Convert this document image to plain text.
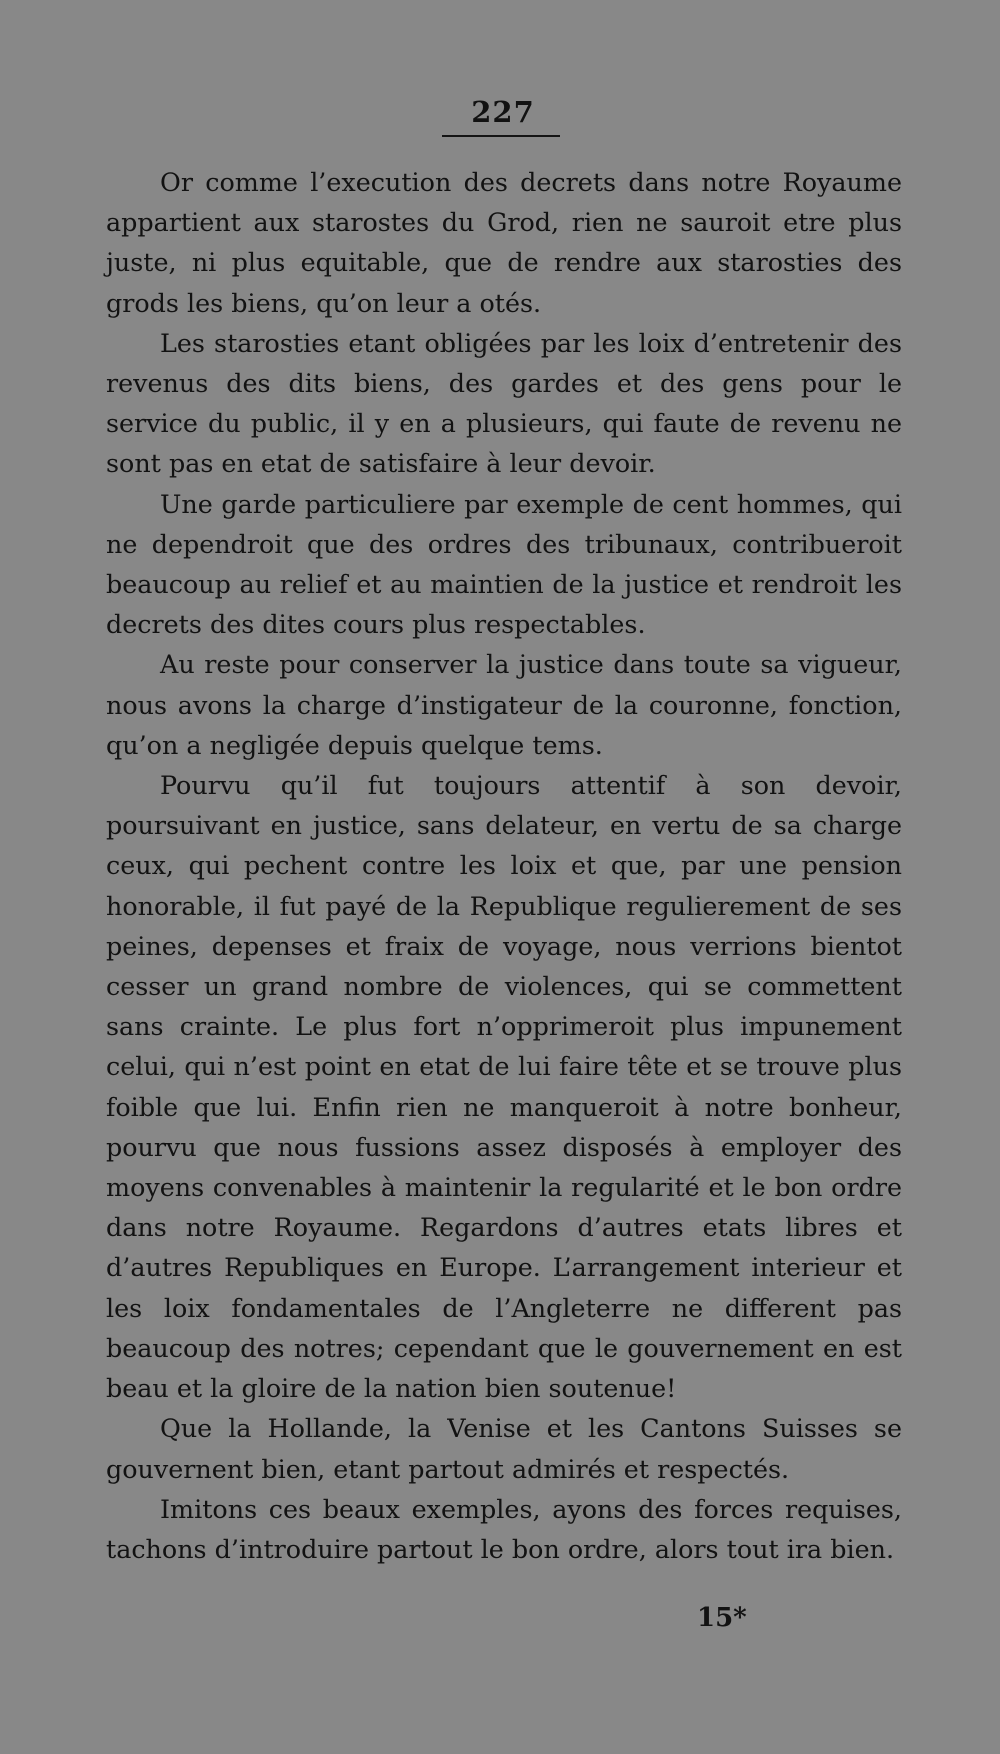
227

Or comme l’execution des decrets dans notre Royaume appartient aux starostes du Grod, rien ne sauroit etre plus juste, ni plus equitable, que de rendre aux starosties des grods les biens, qu’on leur a otés.

Les starosties etant obligées par les loix d’entretenir des revenus des dits biens, des gardes et des gens pour le service du public, il y en a plusieurs, qui faute de revenu ne sont pas en etat de satisfaire à leur devoir.

Une garde particuliere par exemple de cent hommes, qui ne dependroit que des ordres des tribunaux, contribueroit beaucoup au relief et au maintien de la justice et rendroit les decrets des dites cours plus respectables.

Au reste pour conserver la justice dans toute sa vigueur, nous avons la charge d’instigateur de la couronne, fonction, qu’on a negligée depuis quelque tems.

Pourvu qu’il fut toujours attentif à son devoir, poursuivant en justice, sans delateur, en vertu de sa charge ceux, qui pechent contre les loix et que, par une pension honorable, il fut payé de la Republique regulierement de ses peines, depenses et fraix de voyage, nous verrions bientot cesser un grand nombre de violences, qui se commettent sans crainte. Le plus fort n’opprimeroit plus impunement celui, qui n’est point en etat de lui faire tête et se trouve plus foible que lui. Enfin rien ne manqueroit à notre bonheur, pourvu que nous fussions assez disposés à employer des moyens convenables à maintenir la regularité et le bon ordre dans notre Royaume. Regardons d’autres etats libres et d’autres Republiques en Europe. L’arrangement interieur et les loix fondamentales de l’Angleterre ne different pas beaucoup des notres; cependant que le gouvernement en est beau et la gloire de la nation bien soutenue!

Que la Hollande, la Venise et les Cantons Suisses se gouvernent bien, etant partout admirés et respectés.

Imitons ces beaux exemples, ayons des forces requises, tachons d’introduire partout le bon ordre, alors tout ira bien.

15*
